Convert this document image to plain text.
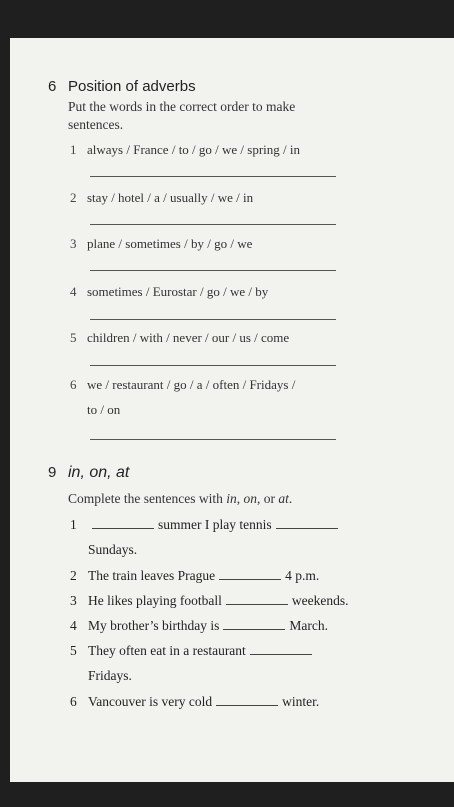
6 Position of adverbs
Put the words in the correct order to make sentences.
1 always / France / to / go / we / spring / in
2 stay / hotel / a / usually / we / in
3 plane / sometimes / by / go / we
4 sometimes / Eurostar / go / we / by
5 children / with / never / our / us / come
6 we / restaurant / go / a / often / Fridays /
to / on
9 in, on, at
Complete the sentences with in, on, or at.
1	summer I play tennis
Sundays.
2 The train leaves Prague	4 p.m.
3 He likes playing football	weekends.
4 My brother’s birthday is	March.
5 They often eat in a restaurant
Fridays.
6 Vancouver is very cold	winter.
